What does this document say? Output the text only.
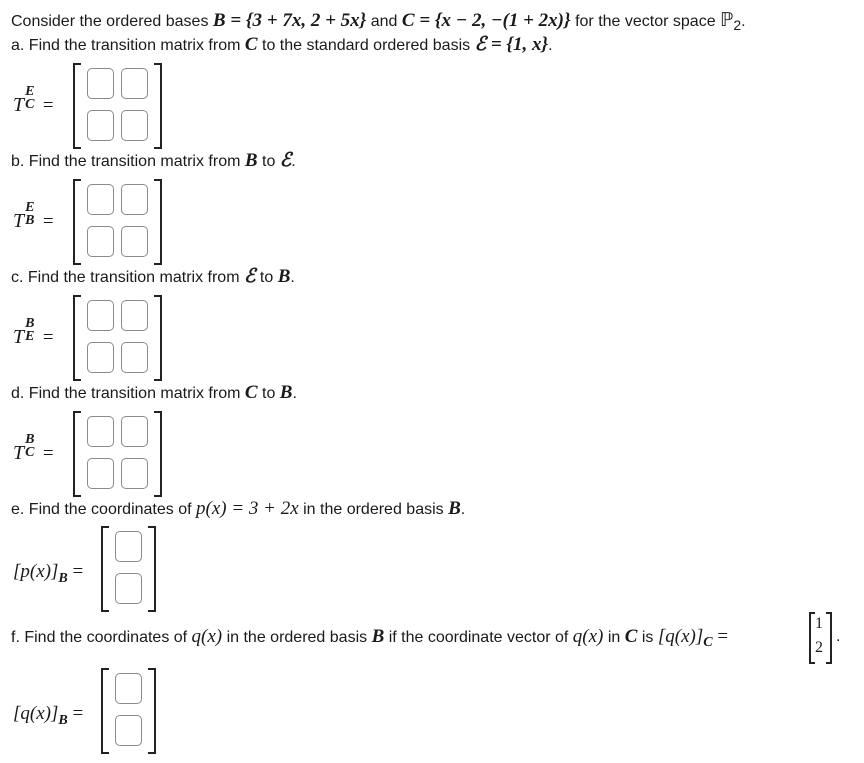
Consider the ordered bases B = {3 + 7x, 2 + 5x} and C = {x − 2, −(1 + 2x)} for the vector space ℙ$_2$.
a. Find the transition matrix from C to the standard ordered basis ℰ = {1, x}.
T
E
C =
b. Find the transition matrix from B to ℰ.
T
E
B =
c. Find the transition matrix from ℰ to B.
T
B
E =
d. Find the transition matrix from C to B.
T
B
C =
e. Find the coordinates of p(x) = 3 + 2x in the ordered basis B.
$[p(x)]_B$ =
f. Find the coordinates of q(x) in the ordered basis B if the coordinate vector of q(x) in C is $[q(x)]_C$ =
1
2
.
$[q(x)]_B$ =
